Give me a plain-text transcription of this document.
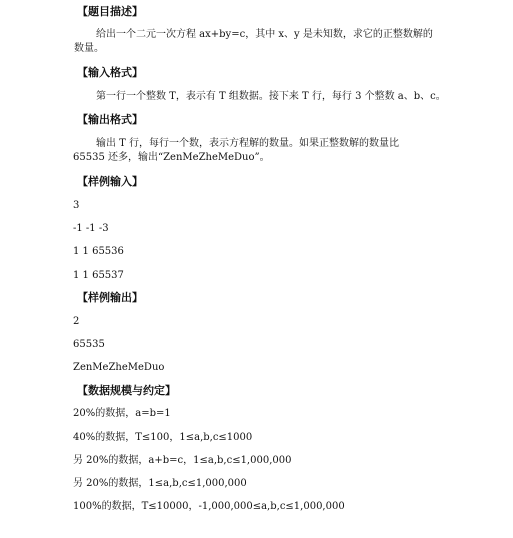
【题目描述】
给出一个二元一次方程 ax+by=c，其中 x、y 是未知数，求它的正整数解的
数量。
【输入格式】
第一行一个整数 T，表示有 T 组数据。接下来 T 行，每行 3 个整数 a、b、c。
【输出格式】
输出 T 行，每行一个数，表示方程解的数量。如果正整数解的数量比
65535 还多，输出“ZenMeZheMeDuo”。
【样例输入】
3
-1 -1 -3
1 1 65536
1 1 65537
【样例输出】
2
65535
ZenMeZheMeDuo
【数据规模与约定】
20%的数据，a=b=1
40%的数据，T≤100，1≤a,b,c≤1000
另 20%的数据，a+b=c，1≤a,b,c≤1,000,000
另 20%的数据，1≤a,b,c≤1,000,000
100%的数据，T≤10000，-1,000,000≤a,b,c≤1,000,000
